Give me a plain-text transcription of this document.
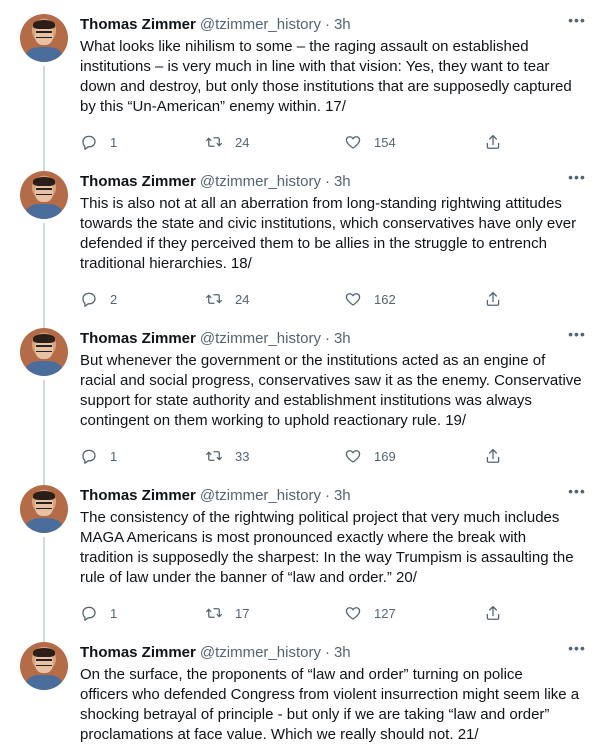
•••
Thomas Zimmer @tzimmer_history · 3h
What looks like nihilism to some – the raging assault on established
institutions – is very much in line with that vision: Yes, they want to tear
down and destroy, but only those institutions that are supposedly captured
by this “Un-American” enemy within. 17/
1	24	154
•••
Thomas Zimmer @tzimmer_history · 3h
This is also not at all an aberration from long-standing rightwing attitudes
towards the state and civic institutions, which conservatives have only ever
defended if they perceived them to be allies in the struggle to entrench
traditional hierarchies. 18/
2	24	162
•••
Thomas Zimmer @tzimmer_history · 3h
But whenever the government or the institutions acted as an engine of
racial and social progress, conservatives saw it as the enemy. Conservative
support for state authority and establishment institutions was always
contingent on them working to uphold reactionary rule. 19/
1	33	169
•••
Thomas Zimmer @tzimmer_history · 3h
The consistency of the rightwing political project that very much includes
MAGA Americans is most pronounced exactly where the break with
tradition is supposedly the sharpest: In the way Trumpism is assaulting the
rule of law under the banner of “law and order.” 20/
1	17	127
•••
Thomas Zimmer @tzimmer_history · 3h
On the surface, the proponents of “law and order” turning on police
officers who defended Congress from violent insurrection might seem like a
shocking betrayal of principle - but only if we are taking “law and order”
proclamations at face value. Which we really should not. 21/
